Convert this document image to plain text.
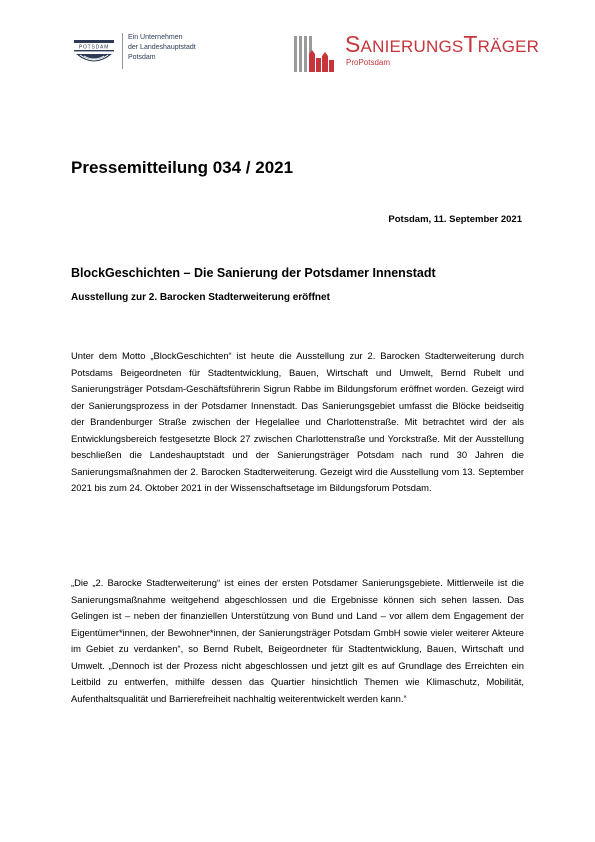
POTSDAM
Ein Unternehmen
der Landeshauptstadt
Potsdam
SANIERUNGSTRÄGER
ProPotsdam
Pressemitteilung 034 / 2021
Potsdam, 11. September 2021
BlockGeschichten – Die Sanierung der Potsdamer Innenstadt
Ausstellung zur 2. Barocken Stadterweiterung eröffnet
Unter dem Motto „BlockGeschichten“ ist heute die Ausstellung zur 2. Barocken Stadterweiterung durch Potsdams Beigeordneten für Stadtentwicklung, Bauen, Wirtschaft und Umwelt, Bernd Rubelt und Sanierungsträger Potsdam-Geschäftsführerin Sigrun Rabbe im Bildungsforum eröffnet worden. Gezeigt wird der Sanierungsprozess in der Potsdamer Innenstadt. Das Sanierungsgebiet umfasst die Blöcke beidseitig der Brandenburger Straße zwischen der Hegelallee und Charlottenstraße. Mit betrachtet wird der als Entwicklungsbereich festgesetzte Block 27 zwischen Charlottenstraße und Yorckstraße. Mit der Ausstellung beschließen die Landeshauptstadt und der Sanierungsträger Potsdam nach rund 30 Jahren die Sanierungsmaßnahmen der 2. Barocken Stadterweiterung. Gezeigt wird die Ausstellung vom 13. September 2021 bis zum 24. Oktober 2021 in der Wissenschaftsetage im Bildungsforum Potsdam.
„Die „2. Barocke Stadterweiterung“ ist eines der ersten Potsdamer Sanierungsgebiete. Mittlerweile ist die Sanierungsmaßnahme weitgehend abgeschlossen und die Ergebnisse können sich sehen lassen. Das Gelingen ist – neben der finanziellen Unterstützung von Bund und Land – vor allem dem Engagement der Eigentümer*innen, der Bewohner*innen, der Sanierungsträger Potsdam GmbH sowie vieler weiterer Akteure im Gebiet zu verdanken“, so Bernd Rubelt, Beigeordneter für Stadtentwicklung, Bauen, Wirtschaft und Umwelt. „Dennoch ist der Prozess nicht abgeschlossen und jetzt gilt es auf Grundlage des Erreichten ein Leitbild zu entwerfen, mithilfe dessen das Quartier hinsichtlich Themen wie Klimaschutz, Mobilität, Aufenthaltsqualität und Barrierefreiheit nachhaltig weiterentwickelt werden kann.“
